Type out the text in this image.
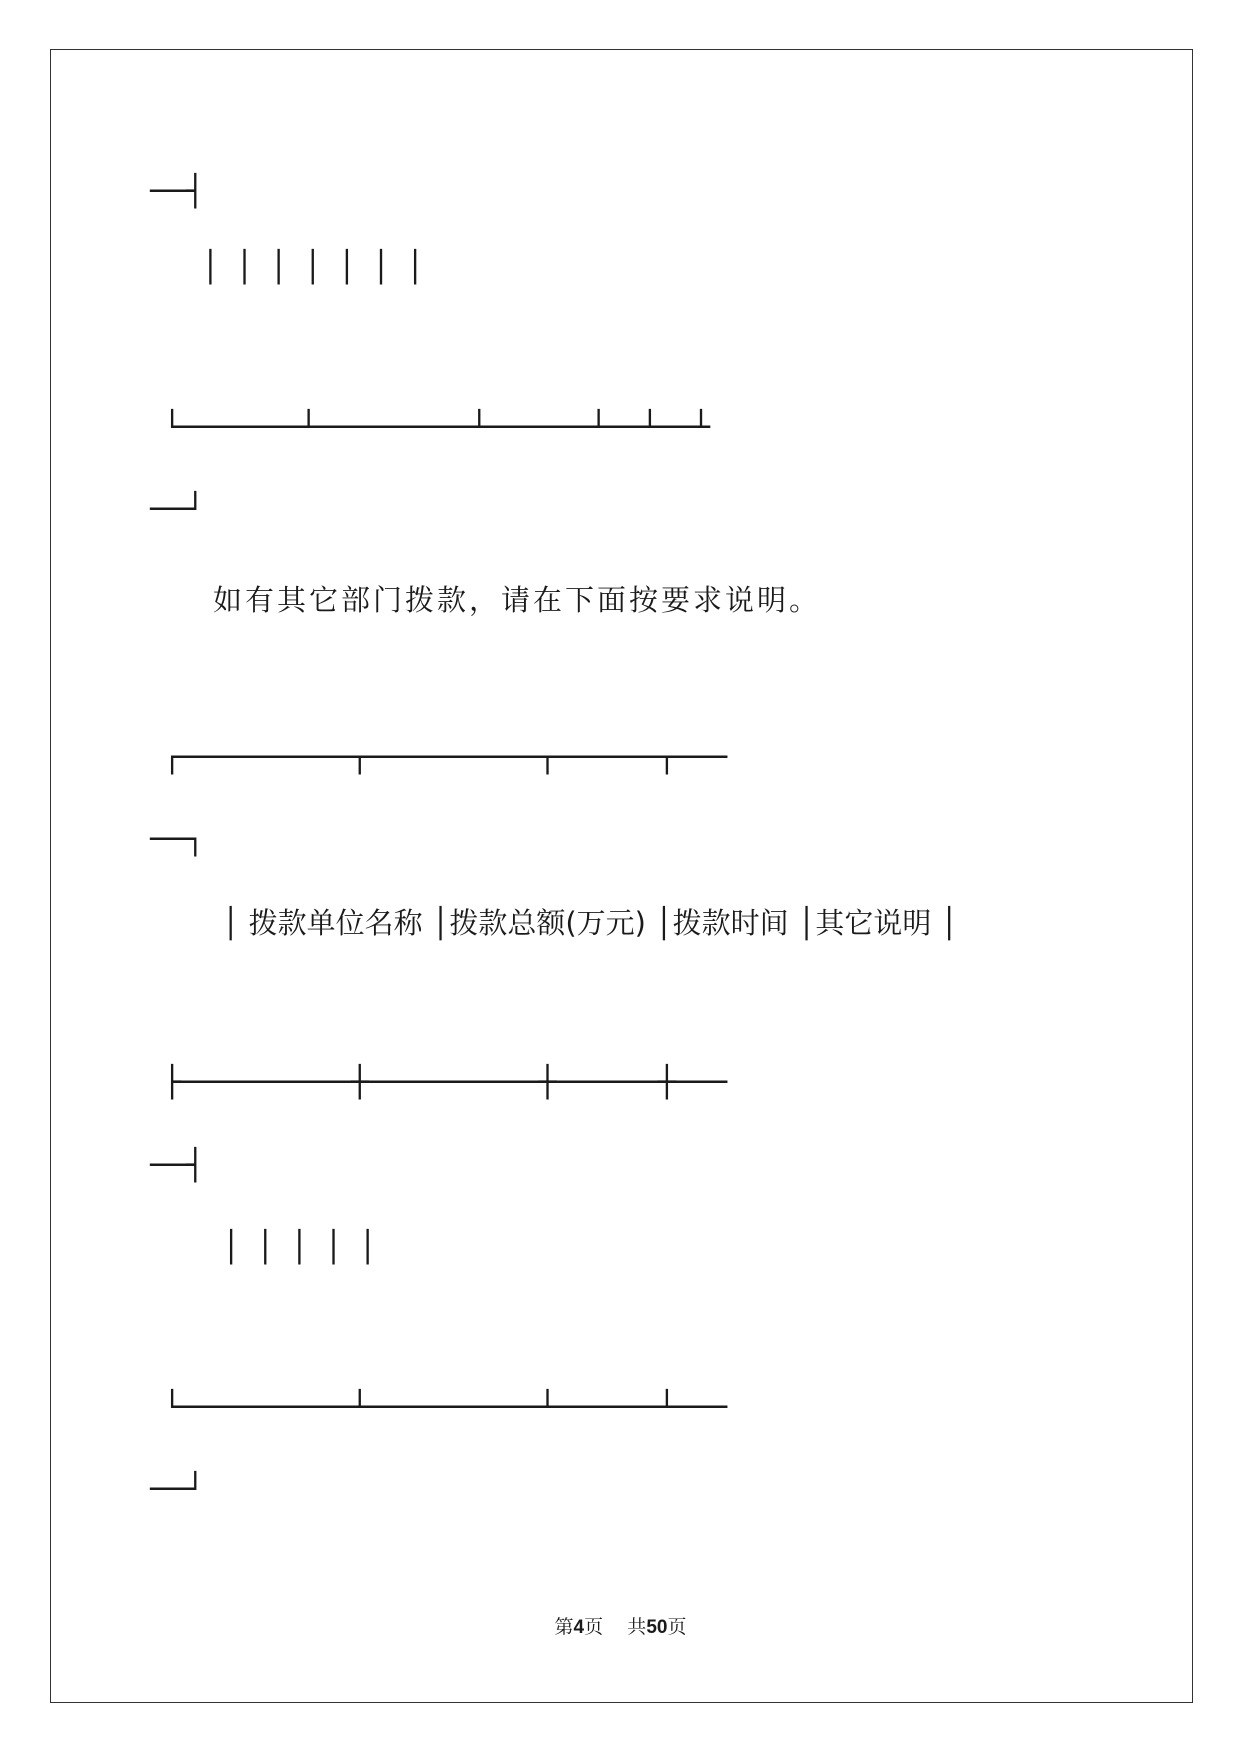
──┤
│  │  │  │  │  │  │
└───────┴─────────┴──────┴──┴──┴
──┘
如有其它部门拨款，请在下面按要求说明。
┌──────────┬──────────┬──────┬───
──┐
│ 拨款单位名称 │拨款总额(万元) │拨款时间 │其它说明 │
├──────────┼──────────┼──────┼───
──┤
│  │  │  │  │
└──────────┴──────────┴──────┴───
──┘
第4页 共50页
